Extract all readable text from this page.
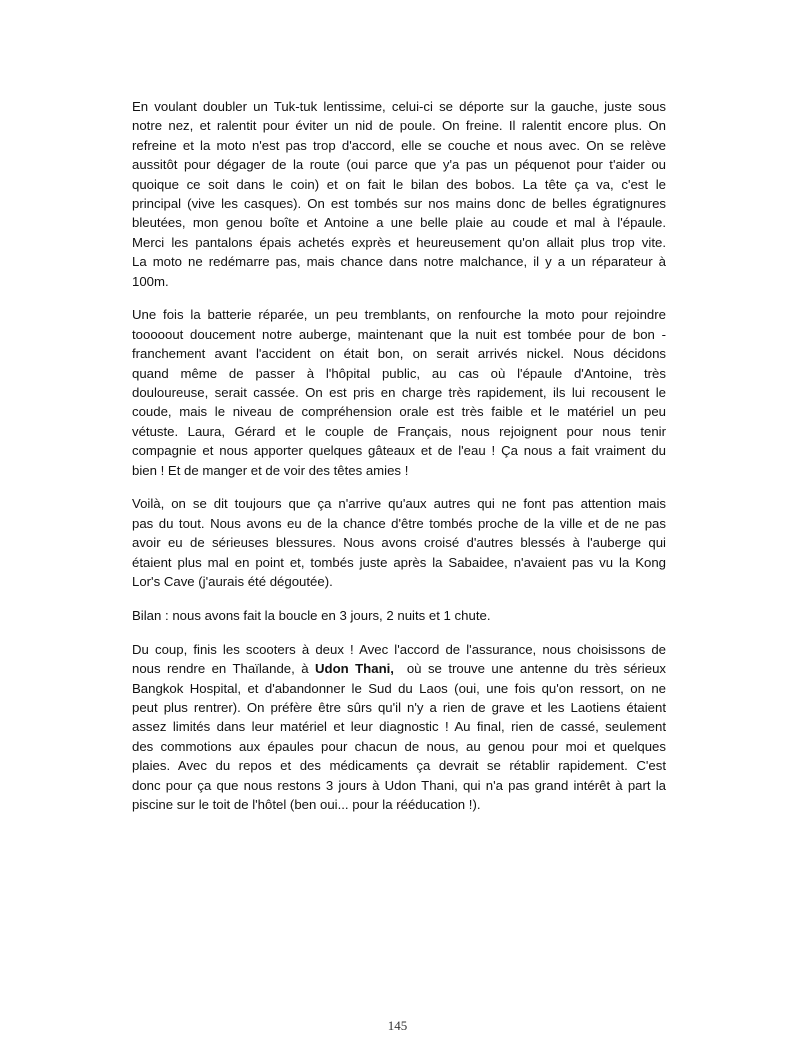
En voulant doubler un Tuk-tuk lentissime, celui-ci se déporte sur la gauche, juste sous
notre nez, et ralentit pour éviter un nid de poule. On freine. Il ralentit encore plus. On
refreine et la moto n'est pas trop d'accord, elle se couche et nous avec. On se relève
aussitôt pour dégager de la route (oui parce que y'a pas un péquenot pour t'aider ou
quoique ce soit dans le coin) et on fait le bilan des bobos. La tête ça va, c'est le
principal (vive les casques). On est tombés sur nos mains donc de belles égratignures
bleutées, mon genou boîte et Antoine a une belle plaie au coude et mal à l'épaule.
Merci les pantalons épais achetés exprès et heureusement qu'on allait plus trop vite.
La moto ne redémarre pas, mais chance dans notre malchance, il y a un réparateur à
100m.
Une fois la batterie réparée, un peu tremblants, on renfourche la moto pour rejoindre
tooooout doucement notre auberge, maintenant que la nuit est tombée pour de bon -
franchement avant l'accident on était bon, on serait arrivés nickel. Nous décidons
quand même de passer à l'hôpital public, au cas où l'épaule d'Antoine, très
douloureuse, serait cassée. On est pris en charge très rapidement, ils lui recousent le
coude, mais le niveau de compréhension orale est très faible et le matériel un peu
vétuste. Laura, Gérard et le couple de Français, nous rejoignent pour nous tenir
compagnie et nous apporter quelques gâteaux et de l'eau ! Ça nous a fait vraiment du
bien ! Et de manger et de voir des têtes amies !
Voilà, on se dit toujours que ça n'arrive qu'aux autres qui ne font pas attention mais
pas du tout. Nous avons eu de la chance d'être tombés proche de la ville et de ne pas
avoir eu de sérieuses blessures. Nous avons croisé d'autres blessés à l'auberge qui
étaient plus mal en point et, tombés juste après la Sabaidee, n'avaient pas vu la Kong
Lor's Cave (j'aurais été dégoutée).
Bilan : nous avons fait la boucle en 3 jours, 2 nuits et 1 chute.
Du coup, finis les scooters à deux ! Avec l'accord de l'assurance, nous choisissons de
nous rendre en Thaïlande, à Udon Thani,  où se trouve une antenne du très sérieux
Bangkok Hospital, et d'abandonner le Sud du Laos (oui, une fois qu'on ressort, on ne
peut plus rentrer). On préfère être sûrs qu'il n'y a rien de grave et les Laotiens étaient
assez limités dans leur matériel et leur diagnostic ! Au final, rien de cassé, seulement
des commotions aux épaules pour chacun de nous, au genou pour moi et quelques
plaies. Avec du repos et des médicaments ça devrait se rétablir rapidement. C'est
donc pour ça que nous restons 3 jours à Udon Thani, qui n'a pas grand intérêt à part la
piscine sur le toit de l'hôtel (ben oui... pour la rééducation !).
145
